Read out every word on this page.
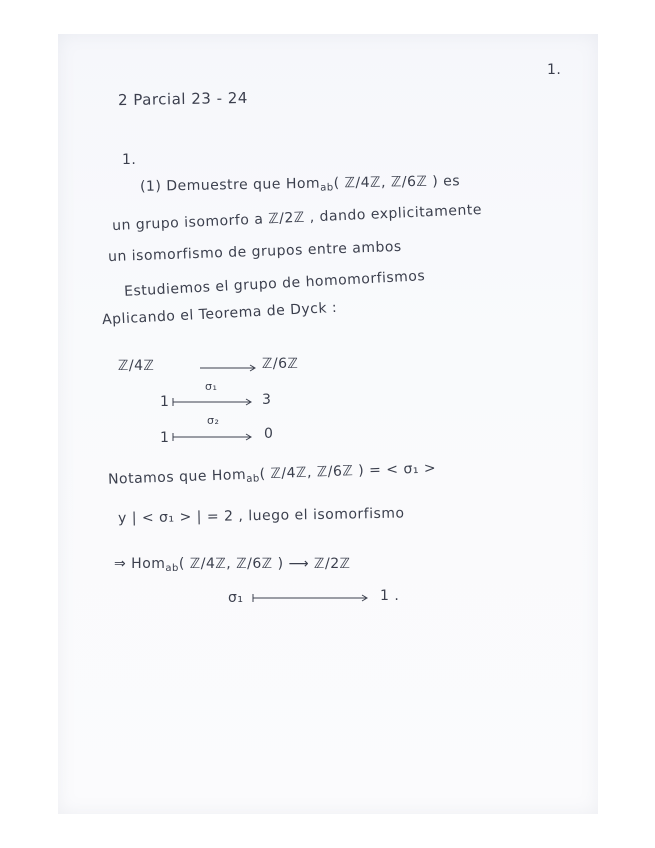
1.
2 Parcial 23 - 24
1.
(1) Demuestre que Hom$_{ab}$( ℤ/4ℤ, ℤ/6ℤ ) es
un grupo isomorfo a ℤ/2ℤ , dando explicitamente
un isomorfismo de grupos entre ambos
Estudiemos el grupo de homomorfismos
Aplicando el Teorema de Dyck :
ℤ/4ℤ	ℤ/6ℤ
σ₁
1	3
σ₂
1	0
Notamos que Hom$_{ab}$( ℤ/4ℤ, ℤ/6ℤ ) = < σ₁ >
y | < σ₁ > | = 2 , luego el isomorfismo
⇒ Hom$_{ab}$( ℤ/4ℤ, ℤ/6ℤ ) ⟶ ℤ/2ℤ
σ₁	1 .
